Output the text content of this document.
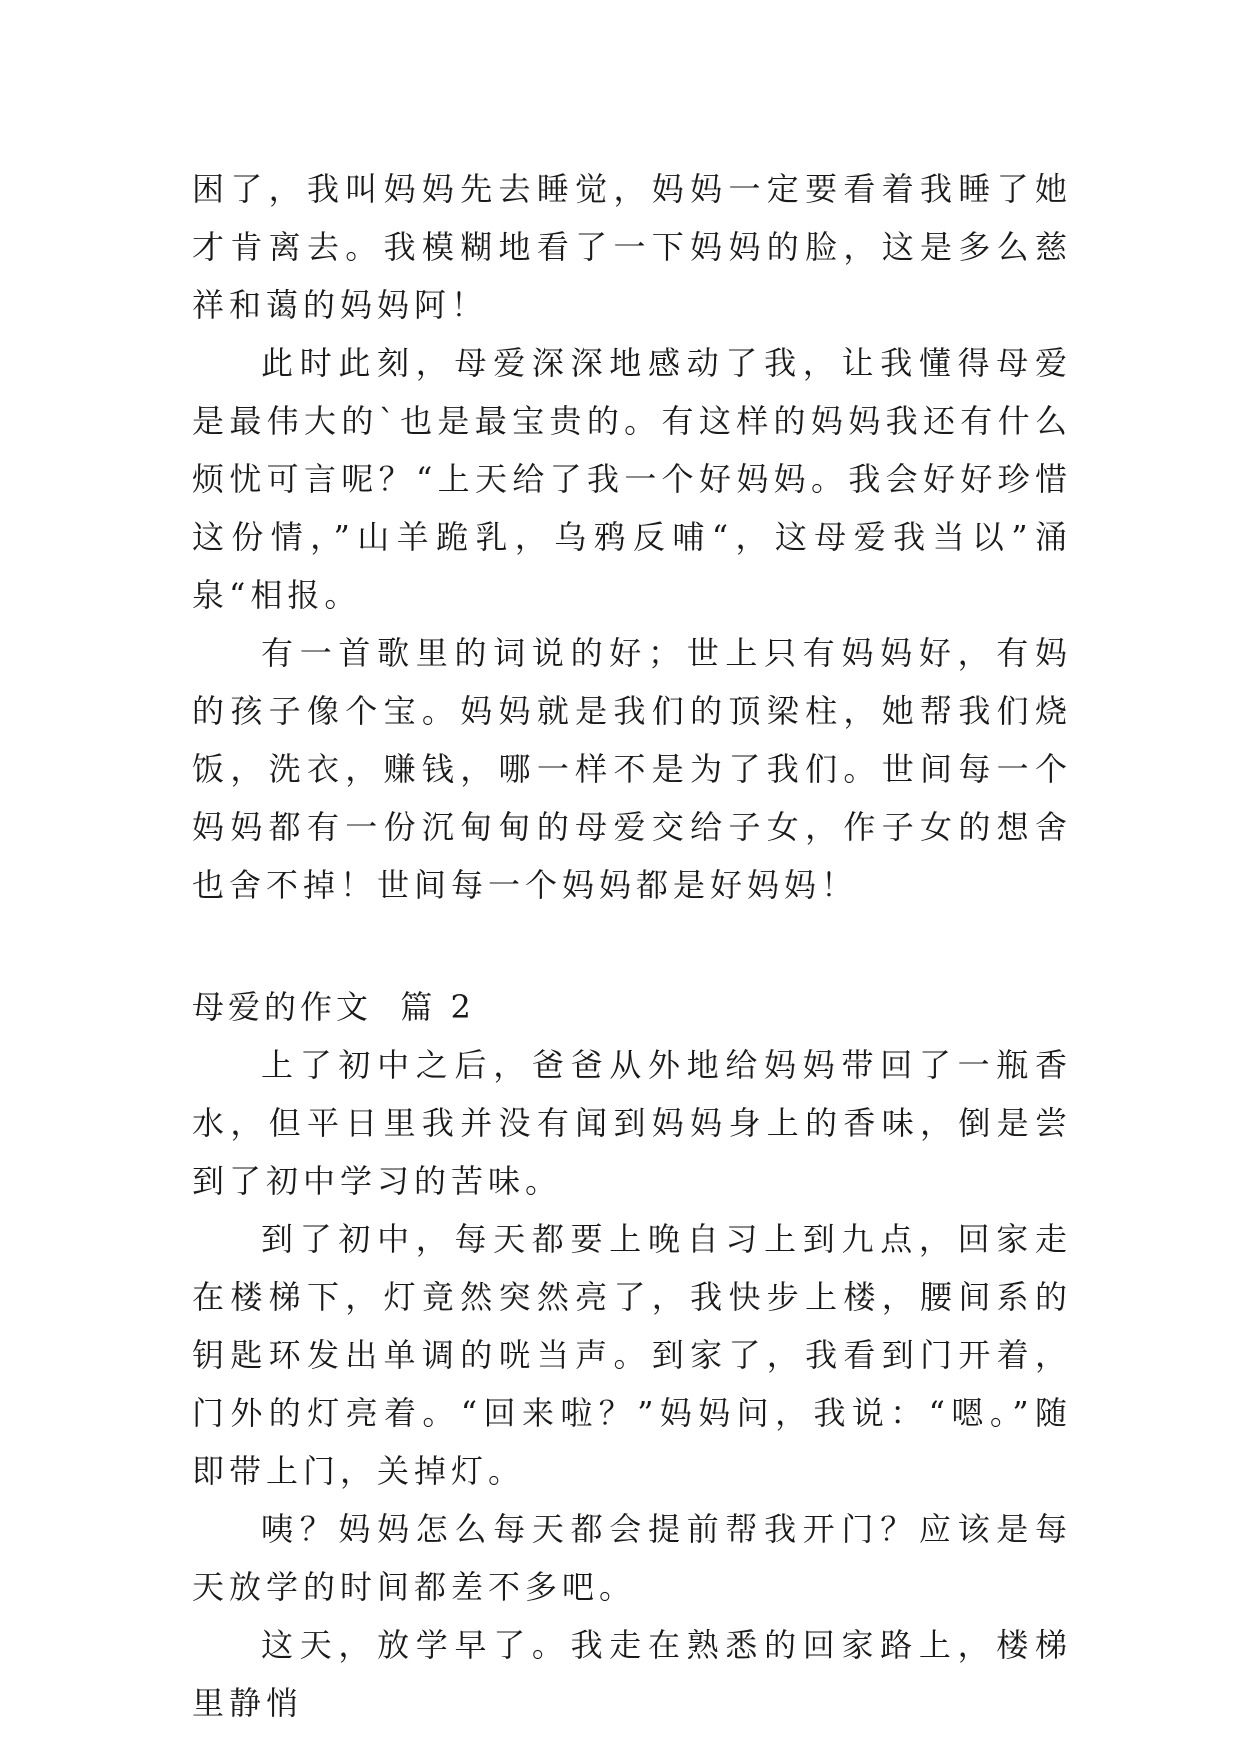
困了，我叫妈妈先去睡觉，妈妈一定要看着我睡了她才肯离去。我模糊地看了一下妈妈的脸，这是多么慈祥和蔼的妈妈阿！

此时此刻，母爱深深地感动了我，让我懂得母爱是最伟大的`也是最宝贵的。有这样的妈妈我还有什么烦忧可言呢？“上天给了我一个好妈妈。我会好好珍惜这份情，”山羊跪乳，乌鸦反哺“，这母爱我当以”涌泉“相报。

有一首歌里的词说的好；世上只有妈妈好，有妈的孩子像个宝。妈妈就是我们的顶梁柱，她帮我们烧饭，洗衣，赚钱，哪一样不是为了我们。世间每一个妈妈都有一份沉甸甸的母爱交给子女，作子女的想舍也舍不掉！世间每一个妈妈都是好妈妈！

母爱的作文  篇 2

上了初中之后，爸爸从外地给妈妈带回了一瓶香水，但平日里我并没有闻到妈妈身上的香味，倒是尝到了初中学习的苦味。

到了初中，每天都要上晚自习上到九点，回家走在楼梯下，灯竟然突然亮了，我快步上楼，腰间系的钥匙环发出单调的咣当声。到家了，我看到门开着，门外的灯亮着。“回来啦？”妈妈问，我说：“嗯。”随即带上门，关掉灯。

咦？妈妈怎么每天都会提前帮我开门？应该是每天放学的时间都差不多吧。

这天，放学早了。我走在熟悉的回家路上，楼梯里静悄
